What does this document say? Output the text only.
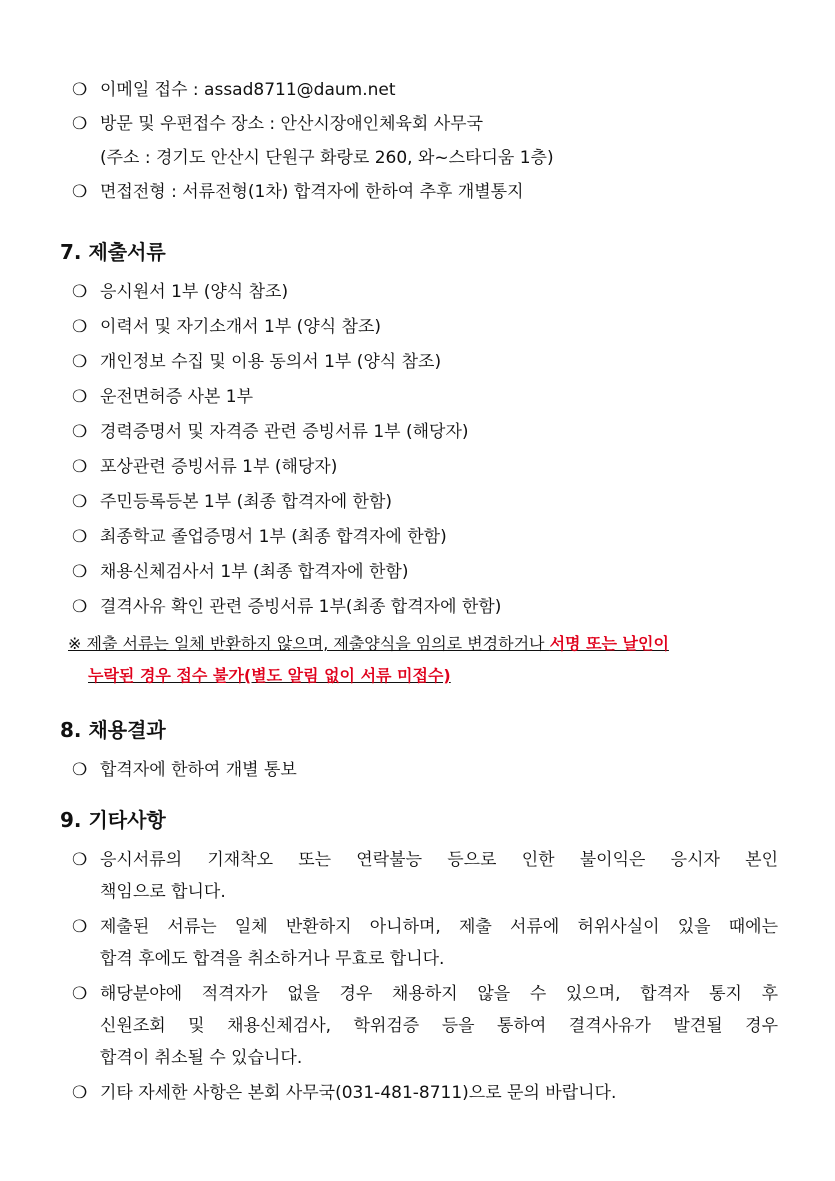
❍ 이메일 접수 : assad8711@daum.net
❍ 방문 및 우편접수 장소 : 안산시장애인체육회 사무국
(주소 : 경기도 안산시 단원구 화랑로 260, 와~스타디움 1층)
❍ 면접전형 : 서류전형(1차) 합격자에 한하여 추후 개별통지
7. 제출서류
❍ 응시원서 1부 (양식 참조)
❍ 이력서 및 자기소개서 1부 (양식 참조)
❍ 개인정보 수집 및 이용 동의서 1부 (양식 참조)
❍ 운전면허증 사본 1부
❍ 경력증명서 및 자격증 관련 증빙서류 1부 (해당자)
❍ 포상관련 증빙서류 1부 (해당자)
❍ 주민등록등본 1부 (최종 합격자에 한함)
❍ 최종학교 졸업증명서 1부 (최종 합격자에 한함)
❍ 채용신체검사서 1부 (최종 합격자에 한함)
❍ 결격사유 확인 관련 증빙서류 1부(최종 합격자에 한함)
※ 제출 서류는 일체 반환하지 않으며, 제출양식을 임의로 변경하거나 서명 또는 날인이
누락된 경우 접수 불가(별도 알림 없이 서류 미접수)
8. 채용결과
❍ 합격자에 한하여 개별 통보
9. 기타사항
❍ 응시서류의 기재착오 또는 연락불능 등으로 인한 불이익은 응시자 본인
책임으로 합니다.
❍ 제출된 서류는 일체 반환하지 아니하며, 제출 서류에 허위사실이 있을 때에는
합격 후에도 합격을 취소하거나 무효로 합니다.
❍ 해당분야에 적격자가 없을 경우 채용하지 않을 수 있으며, 합격자 통지 후
신원조회 및 채용신체검사, 학위검증 등을 통하여 결격사유가 발견될 경우
합격이 취소될 수 있습니다.
❍ 기타 자세한 사항은 본회 사무국(031-481-8711)으로 문의 바랍니다.
